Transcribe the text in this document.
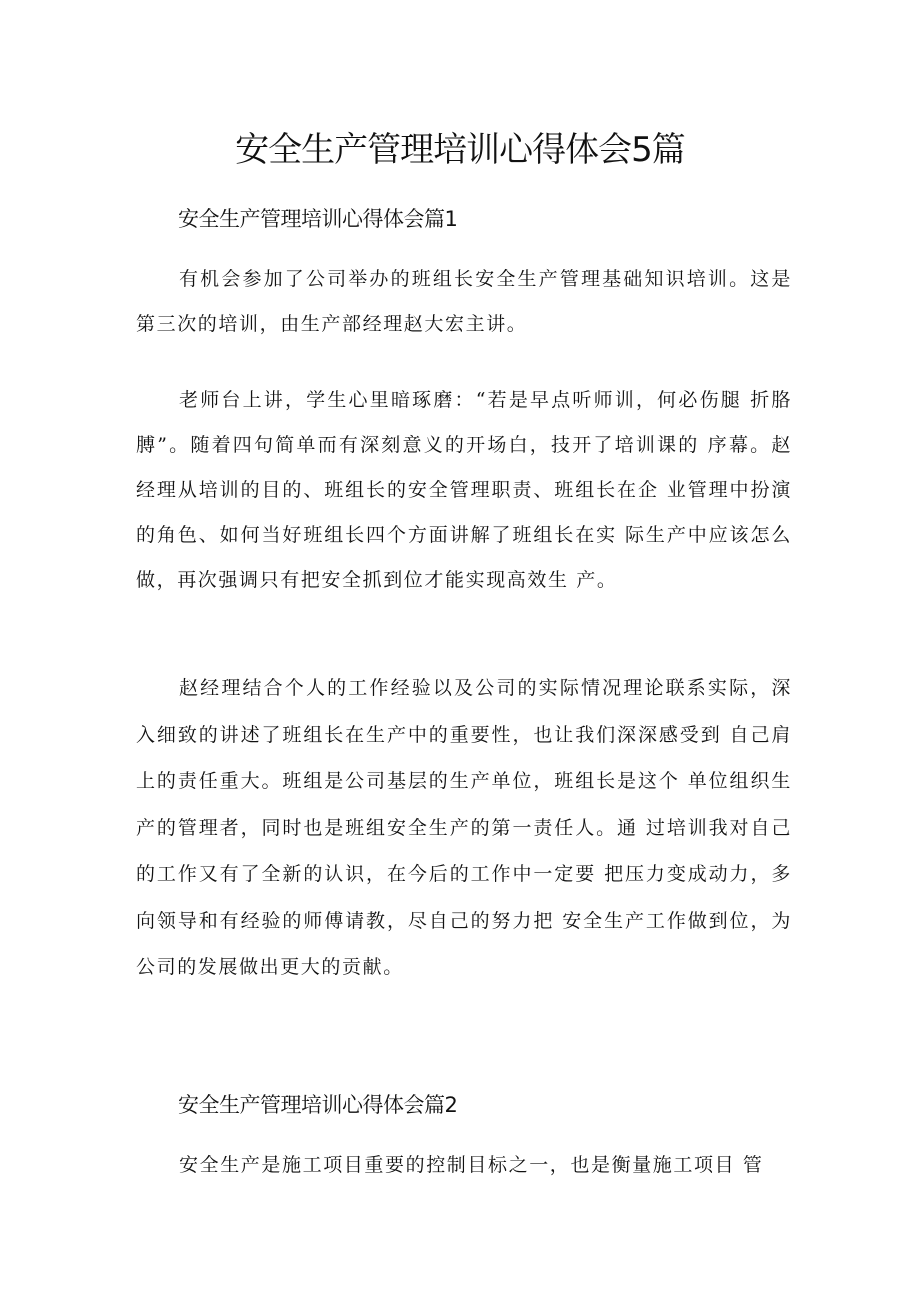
安全生产管理培训心得体会5篇
安全生产管理培训心得体会篇1

有机会参加了公司举办的班组长安全生产管理基础知识培训。这是第三次的培训，由生产部经理赵大宏主讲。

老师台上讲，学生心里暗琢磨：“若是早点听师训，何必伤腿 折胳膊”。随着四句简单而有深刻意义的开场白，技开了培训课的 序幕。赵经理从培训的目的、班组长的安全管理职责、班组长在企 业管理中扮演的角色、如何当好班组长四个方面讲解了班组长在实 际生产中应该怎么做，再次强调只有把安全抓到位才能实现高效生 产。

赵经理结合个人的工作经验以及公司的实际情况理论联系实际，深入细致的讲述了班组长在生产中的重要性，也让我们深深感受到 自己肩上的责任重大。班组是公司基层的生产单位，班组长是这个 单位组织生产的管理者，同时也是班组安全生产的第一责任人。通 过培训我对自己的工作又有了全新的认识，在今后的工作中一定要 把压力变成动力，多向领导和有经验的师傅请教，尽自己的努力把 安全生产工作做到位，为公司的发展做出更大的贡献。

安全生产管理培训心得体会篇2

安全生产是施工项目重要的控制目标之一，也是衡量施工项目 管
